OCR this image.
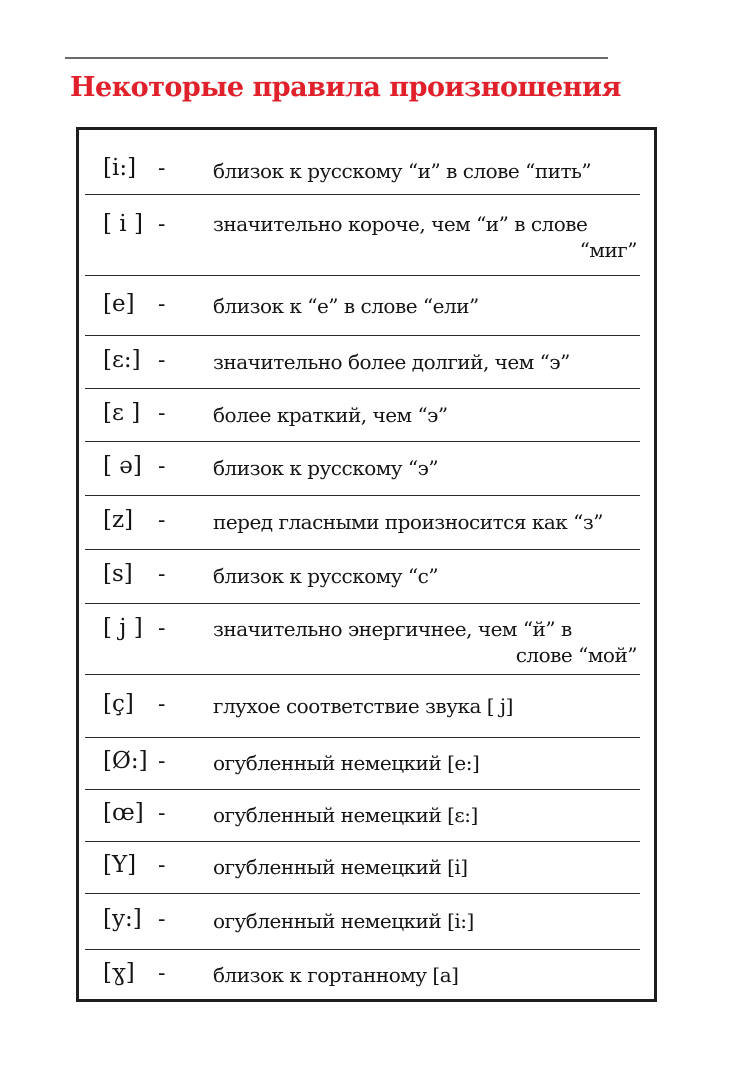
Некоторые правила произношения
[i:] - близок к русскому “и” в слове “пить”
[ i ] - значительно короче, чем “и” в слове
“миг”
[e] - близок к “е” в слове “ели”
[ɛ:] - значительно более долгий, чем “э”
[ɛ ] - более краткий, чем “э”
[ ə] - близок к русскому “э”
[z] - перед гласными произносится как “з”
[s] - близок к русскому “с”
[ j ] - значительно энергичнее, чем “й” в
слове “мой”
[ç] - глухое соответствие звука [ j]
[Ø:] - огубленный немецкий [e:]
[œ] - огубленный немецкий [ɛ:]
[Y] - огубленный немецкий [i]
[y:] - огубленный немецкий [i:]
[ɣ] - близок к гортанному [a]
